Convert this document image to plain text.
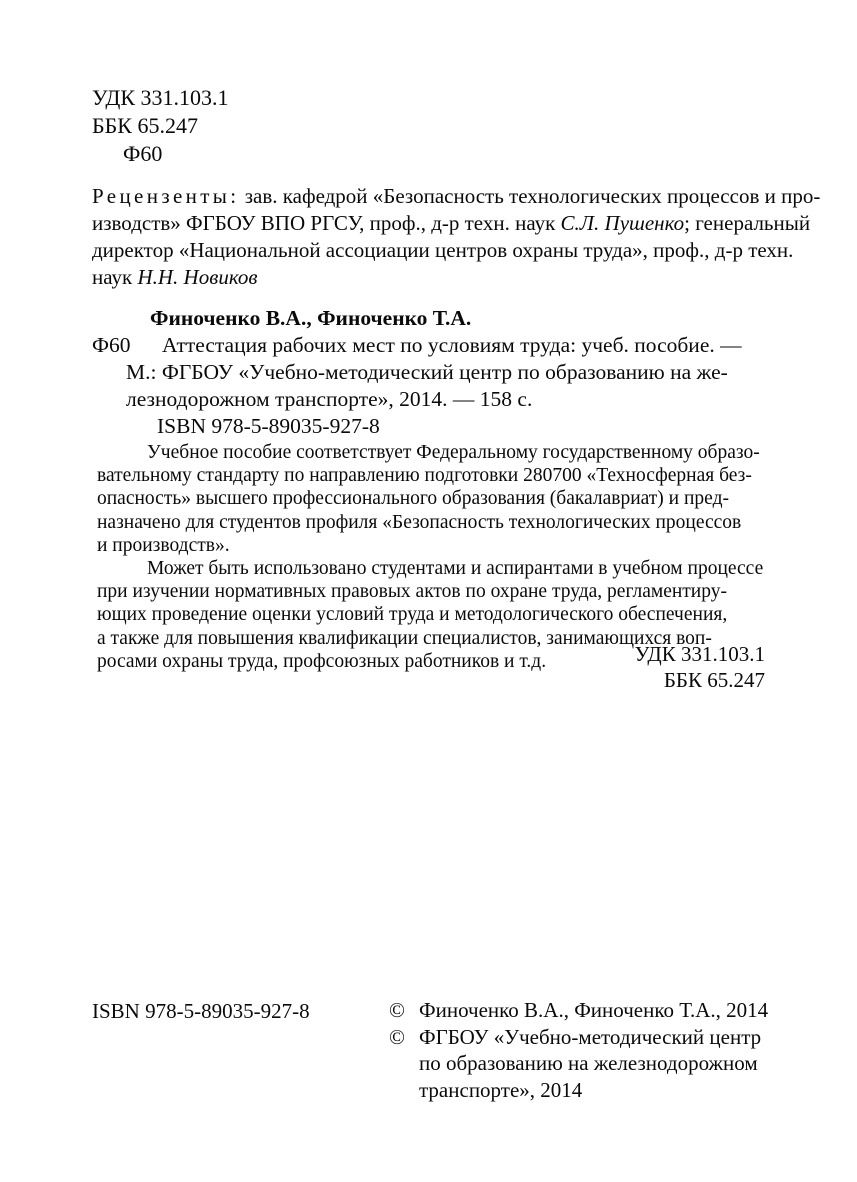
УДК 331.103.1
ББК 65.247
Ф60
Рецензенты: зав. кафедрой «Безопасность технологических процессов и про-
изводств» ФГБОУ ВПО РГСУ, проф., д-р техн. наук С.Л. Пушенко; генеральный
директор «Национальной ассоциации центров охраны труда», проф., д-р техн.
наук Н.Н. Новиков
Финоченко В.А., Финоченко Т.А.
Ф60 Аттестация рабочих мест по условиям труда: учеб. пособие. —
М.: ФГБОУ «Учебно-методический центр по образованию на же-
лезнодорожном транспорте», 2014. — 158 с.
ISBN 978-5-89035-927-8
Учебное пособие соответствует Федеральному государственному образо-
вательному стандарту по направлению подготовки 280700 «Техносферная без-
опасность» высшего профессионального образования (бакалавриат) и пред-
назначено для студентов профиля «Безопасность технологических процессов
и производств».
Может быть использовано студентами и аспирантами в учебном процессе
при изучении нормативных правовых актов по охране труда, регламентиру-
ющих проведение оценки условий труда и методологического обеспечения,
а также для повышения квалификации специалистов, занимающихся воп-
росами охраны труда, профсоюзных работников и т.д.	УДК 331.103.1
ББК 65.247
ISBN 978-5-89035-927-8	© Финоченко В.А., Финоченко Т.А., 2014
© ФГБОУ «Учебно-методический центр
по образованию на железнодорожном
транспорте», 2014
